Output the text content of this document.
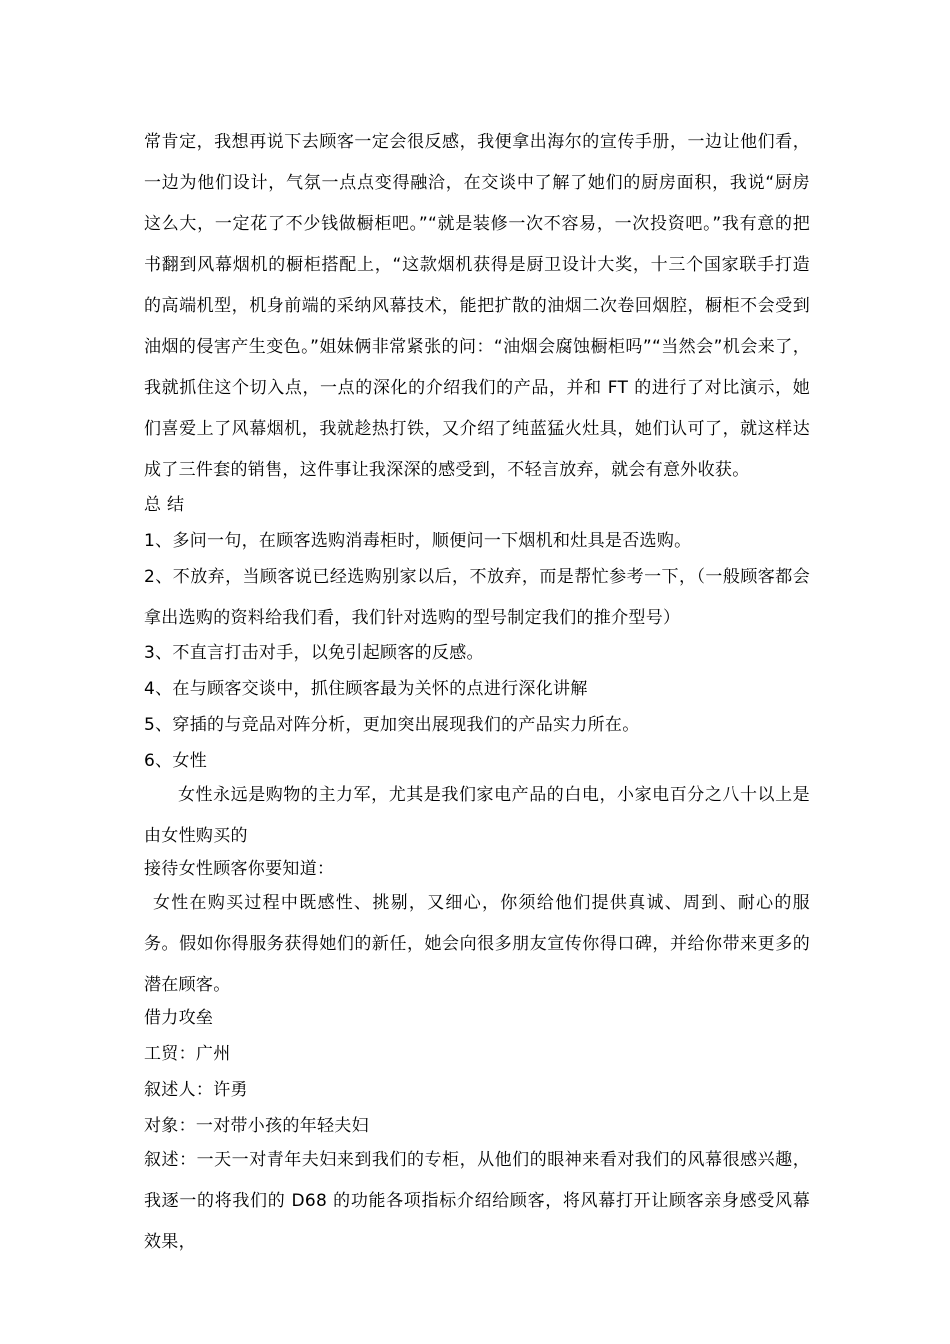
常肯定，我想再说下去顾客一定会很反感，我便拿出海尔的宣传手册，一边让他们看，一边为他们设计，气氛一点点变得融洽，在交谈中了解了她们的厨房面积，我说“厨房这么大，一定花了不少钱做橱柜吧。”“就是装修一次不容易，一次投资吧。”我有意的把书翻到风幕烟机的橱柜搭配上，“这款烟机获得是厨卫设计大奖，十三个国家联手打造的高端机型，机身前端的采纳风幕技术，能把扩散的油烟二次卷回烟腔，橱柜不会受到油烟的侵害产生变色。”姐妹俩非常紧张的问：“油烟会腐蚀橱柜吗”“当然会”机会来了，我就抓住这个切入点，一点的深化的介绍我们的产品，并和 FT 的进行了对比演示，她们喜爱上了风幕烟机，我就趁热打铁，又介绍了纯蓝猛火灶具，她们认可了，就这样达成了三件套的销售，这件事让我深深的感受到，不轻言放弃，就会有意外收获。

总 结

1、多问一句，在顾客选购消毒柜时，顺便问一下烟机和灶具是否选购。

2、不放弃，当顾客说已经选购别家以后，不放弃，而是帮忙参考一下，（一般顾客都会拿出选购的资料给我们看，我们针对选购的型号制定我们的推介型号）

3、不直言打击对手，以免引起顾客的反感。

4、在与顾客交谈中，抓住顾客最为关怀的点进行深化讲解

5、穿插的与竞品对阵分析，更加突出展现我们的产品实力所在。

6、女性

女性永远是购物的主力军，尤其是我们家电产品的白电，小家电百分之八十以上是由女性购买的

接待女性顾客你要知道：

女性在购买过程中既感性、挑剔，又细心，你须给他们提供真诚、周到、耐心的服务。假如你得服务获得她们的新任，她会向很多朋友宣传你得口碑，并给你带来更多的潜在顾客。

借力攻垒

工贸：广州

叙述人：许勇

对象：一对带小孩的年轻夫妇

叙述：一天一对青年夫妇来到我们的专柜，从他们的眼神来看对我们的风幕很感兴趣，我逐一的将我们的 D68 的功能各项指标介绍给顾客，将风幕打开让顾客亲身感受风幕效果，
